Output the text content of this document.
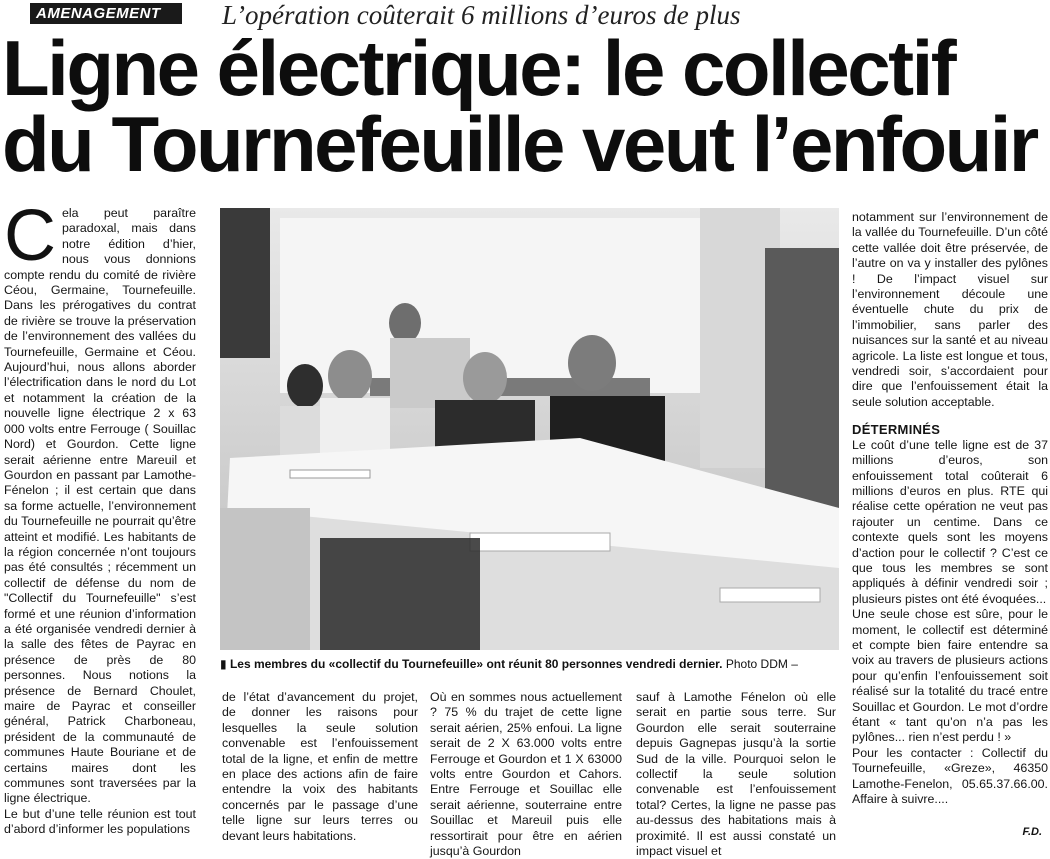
AMENAGEMENT	L’opération coûterait 6 millions d’euros de plus
Ligne électrique: le collectif
du Tournefeuille veut l’enfouir
C ela peut paraître paradoxal, mais dans notre édition d’hier, nous vous donnions compte rendu du comité de rivière Céou, Germaine, Tournefeuille. Dans les prérogatives du contrat de rivière se trouve la préservation de l’environnement des vallées du Tournefeuille, Germaine et Céou. Aujourd’hui, nous allons aborder l’électrification dans le nord du Lot et notamment la création de la nouvelle ligne électrique 2 x 63 000 volts entre Ferrouge ( Souillac Nord) et Gourdon. Cette ligne serait aérienne entre Mareuil et Gourdon en passant par Lamothe-Fénelon ; il est certain que dans sa forme actuelle, l’environnement du Tournefeuille ne pourrait qu’être atteint et modifié. Les habitants de la région concernée n’ont toujours pas été consultés ; récemment un collectif de défense du nom de "Collectif du Tournefeuille" s’est formé et une réunion d’information a été organisée vendredi dernier à la salle des fêtes de Payrac en présence de près de 80 personnes. Nous notions la présence de Bernard Choulet, maire de Payrac et conseiller général, Patrick Charboneau, président de la communauté de communes Haute Bouriane et de certains maires dont les communes sont traversées par la ligne électrique.

Le but d’une telle réunion est tout d’abord d’informer les populations

▮ Les membres du «collectif du Tournefeuille» ont réunit 80 personnes vendredi dernier. Photo DDM –

de l’état d’avancement du projet, de donner les raisons pour lesquelles la seule solution convenable est l’enfouissement total de la ligne, et enfin de mettre en place des actions afin de faire entendre la voix des habitants concernés par le passage d’une telle ligne sur leurs terres ou devant leurs habitations.

Où en sommes nous actuellement ? 75 % du trajet de cette ligne serait aérien, 25% enfoui. La ligne serait de 2 X 63.000 volts entre Ferrouge et Gourdon et 1 X 63000 volts entre Gourdon et Cahors. Entre Ferrouge et Souillac elle serait aérienne, souterraine entre Souillac et Mareuil puis elle ressortirait pour être en aérien jusqu’à Gourdon

sauf à Lamothe Fénelon où elle serait en partie sous terre. Sur Gourdon elle serait souterraine depuis Gagnepas jusqu’à la sortie Sud de la ville. Pourquoi selon le collectif la seule solution convenable est l’enfouissement total? Certes, la ligne ne passe pas au-dessus des habitations mais à proximité. Il est aussi constaté un impact visuel et

notamment sur l’environnement de la vallée du Tournefeuille. D’un côté cette vallée doit être préservée, de l’autre on va y installer des pylônes ! De l’impact visuel sur l’environnement découle une éventuelle chute du prix de l’immobilier, sans parler des nuisances sur la santé et au niveau agricole. La liste est longue et tous, vendredi soir, s’accordaient pour dire que l’enfouissement était la seule solution acceptable.

DÉTERMINÉS

Le coût d’une telle ligne est de 37 millions d’euros, son enfouissement total coûterait 6 millions d’euros en plus. RTE qui réalise cette opération ne veut pas rajouter un centime. Dans ce contexte quels sont les moyens d’action pour le collectif ? C’est ce que tous les membres se sont appliqués à définir vendredi soir ; plusieurs pistes ont été évoquées...

Une seule chose est sûre, pour le moment, le collectif est déterminé et compte bien faire entendre sa voix au travers de plusieurs actions pour qu’enfin l’enfouissement soit réalisé sur la totalité du tracé entre Souillac et Gourdon. Le mot d’ordre étant « tant qu’on n’a pas les pylônes... rien n’est perdu ! »

Pour les contacter : Collectif du Tournefeuille, «Greze», 46350 Lamothe-Fenelon, 05.65.37.66.00. Affaire à suivre....

F.D.
